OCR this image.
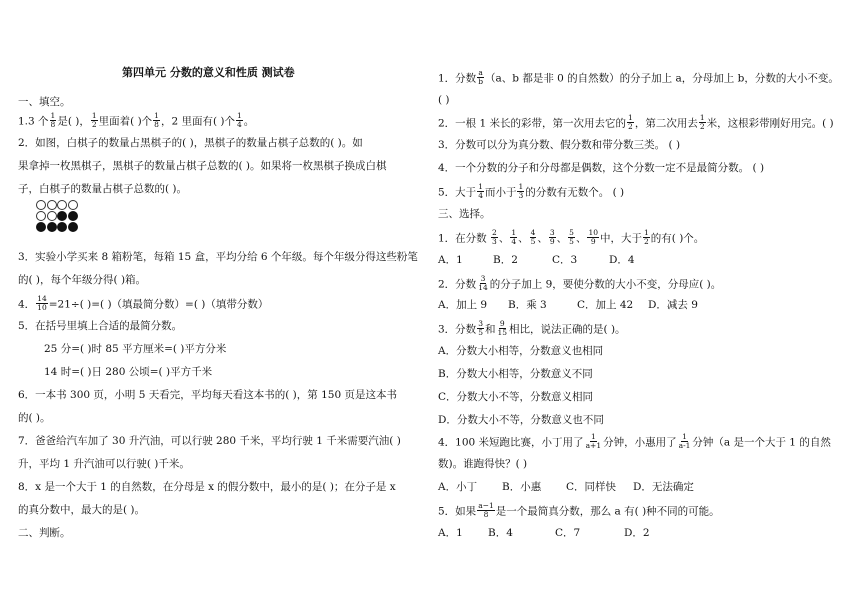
第四单元 分数的意义和性质 测试卷
一、填空。
1.3 个 $\frac{1}{8}$ 是( )， $\frac{1}{2}$ 里面着( )个 $\frac{1}{8}$ ，2 里面有( )个 $\frac{1}{4}$ 。
2．如图，白棋子的数量占黑棋子的( )，黑棋子的数量占棋子总数的( )。如
果拿掉一枚黑棋子，黑棋子的数量占棋子总数的( )。如果将一枚黑棋子换成白棋
子，白棋子的数量占棋子总数的( )。
3．实验小学买来 8 箱粉笔，每箱 15 盒，平均分给 6 个年级。每个年级分得这些粉笔
的( )，每个年级分得( )箱。
4． $\frac{14}{10} =21\div$( )=( )（填最简分数）=( )（填带分数）
5．在括号里填上合适的最简分数。
25 分=( )时 85 平方厘米=( )平方分米
14 时=( )日 280 公顷=( )平方千米
6．一本书 300 页，小明 5 天看完，平均每天看这本书的( )，第 150 页是这本书
的( )。
7．爸爸给汽车加了 30 升汽油，可以行驶 280 千米，平均行驶 1 千米需要汽油( )
升，平均 1 升汽油可以行驶( )千米。
8．x 是一个大于 1 的自然数，在分母是 x 的假分数中，最小的是( )；在分子是 x
的真分数中，最大的是( )。
二、判断。
1．分数 $\frac{a}{b} (a$、b 都是非 0 的自然数）的分子加上 a，分母加上 b，分数的大小不变。
( )
2．一根 1 米长的彩带，第一次用去它的 $\frac{1}{2}$ ，第二次用去 $\frac{1}{2}$ 米，这根彩带刚好用完。( )
3．分数可以分为真分数、假分数和带分数三类。 ( )
4．一个分数的分子和分母都是偶数，这个分数一定不是最简分数。 ( )
5．大于 $\frac{1}{4}$ 而小于 $\frac{1}{3}$ 的分数有无数个。 ( )
三、选择。
1．在分数 $\frac{2}{3}$ 、 $\frac{1}{4}$ 、 $\frac{4}{5}$ 、 $\frac{3}{9}$ 、 $\frac{5}{5}$ 、 $\frac{10}{9}$ 中，大于 $\frac{1}{2}$ 的有( )个。
A．1	B．2	C．3	D．4
2．分数 $\frac{3}{14}$ 的分子加上 9，要使分数的大小不变，分母应( )。
A．加上 9 B．乘 3	C．加上 42 D．减去 9
3．分数 $\frac{3}{5}$ 和 $\frac{9}{15}$ 相比，说法正确的是( )。
A．分数大小相等，分数意义也相同
B．分数大小相等，分数意义不同
C．分数大小不等，分数意义相同
D．分数大小不等，分数意义也不同
4．100 米短跑比赛，小丁用了 $\frac{1}{a+1}$ 分钟，小惠用了 $\frac{1}{a-1}$ 分钟（a 是一个大于 1 的自然
数)。谁跑得快？( )
A．小丁 B．小惠 C．同样快 D．无法确定
5．如果 $\frac{a-1}{8}$ 是一个最简真分数，那么 a 有( )种不同的可能。
A．1 B．4	C．7	D．2
